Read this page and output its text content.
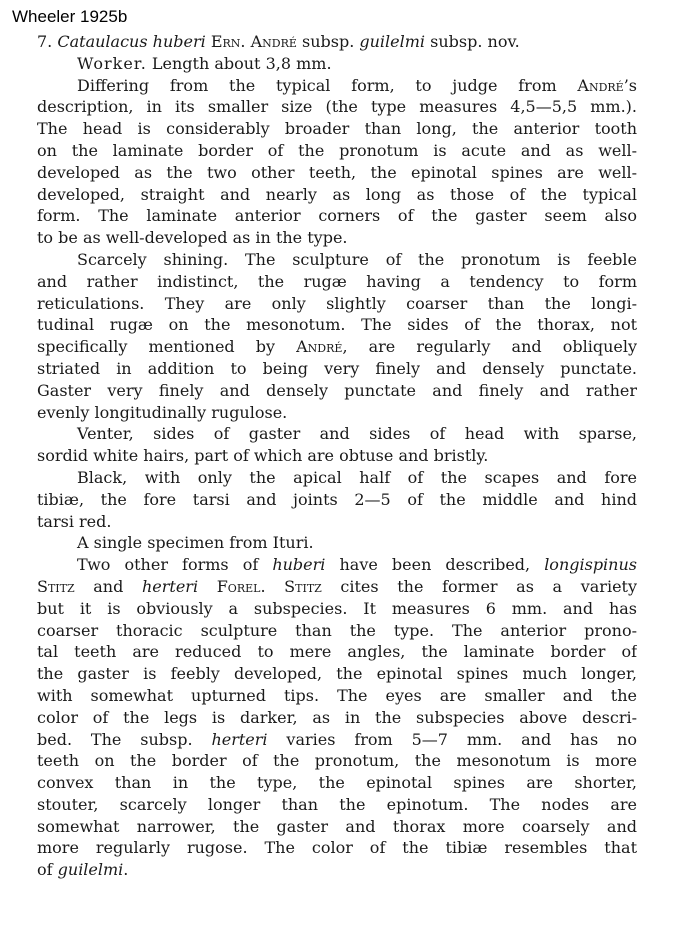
Wheeler 1925b
7. Cataulacus huberi Ern. André subsp. guilelmi subsp. nov.
Worker. Length about 3,8 mm.
Differing from the typical form, to judge from André’s
description, in its smaller size (the type measures 4,5—5,5 mm.).
The head is considerably broader than long, the anterior tooth
on the laminate border of the pronotum is acute and as well-
developed as the two other teeth, the epinotal spines are well-
developed, straight and nearly as long as those of the typical
form. The laminate anterior corners of the gaster seem also
to be as well-developed as in the type.
Scarcely shining. The sculpture of the pronotum is feeble
and rather indistinct, the rugæ having a tendency to form
reticulations. They are only slightly coarser than the longi-
tudinal rugæ on the mesonotum. The sides of the thorax, not
specifically mentioned by André, are regularly and obliquely
striated in addition to being very finely and densely punctate.
Gaster very finely and densely punctate and finely and rather
evenly longitudinally rugulose.
Venter, sides of gaster and sides of head with sparse,
sordid white hairs, part of which are obtuse and bristly.
Black, with only the apical half of the scapes and fore
tibiæ, the fore tarsi and joints 2—5 of the middle and hind
tarsi red.
A single specimen from Ituri.
Two other forms of huberi have been described, longispinus
Stitz and herteri Forel. Stitz cites the former as a variety
but it is obviously a subspecies. It measures 6 mm. and has
coarser thoracic sculpture than the type. The anterior prono-
tal teeth are reduced to mere angles, the laminate border of
the gaster is feebly developed, the epinotal spines much longer,
with somewhat upturned tips. The eyes are smaller and the
color of the legs is darker, as in the subspecies above descri-
bed. The subsp. herteri varies from 5—7 mm. and has no
teeth on the border of the pronotum, the mesonotum is more
convex than in the type, the epinotal spines are shorter,
stouter, scarcely longer than the epinotum. The nodes are
somewhat narrower, the gaster and thorax more coarsely and
more regularly rugose. The color of the tibiæ resembles that
of guilelmi.
